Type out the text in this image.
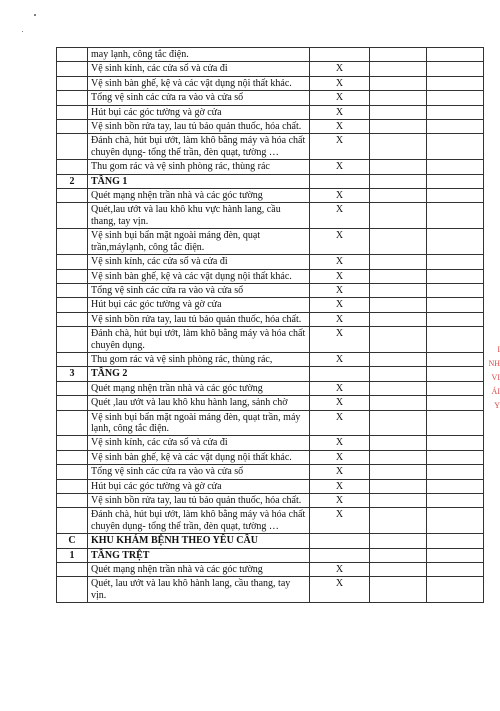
	may lạnh, công tắc điện.			
	Vệ sinh kính, các cửa sổ và cửa đi	X		
	Vệ sinh bàn ghế, kệ và các vật dụng nội thất khác.	X		
	Tổng vệ sinh các cửa ra vào và cửa sổ	X		
	Hút bụi các góc tường và gờ cửa	X		
	Vệ sinh bồn rửa tay, lau tủ bảo quản thuốc, hóa chất.	X		
	Đánh chà, hút bụi ướt, làm khô bằng máy và hóa chất chuyên dụng- tổng thể trần, đèn quạt, tường …	X		
	Thu gom rác và vệ sinh phòng rác, thùng rác	X		
2	TẦNG 1			
	Quét mạng nhện trần nhà và các góc tường	X		
	Quét,lau ướt và lau khô khu vực hành lang, cầu thang, tay vịn.	X		
	Vệ sinh bụi bẩn mặt ngoài máng đèn, quạt trần,máylạnh, công tắc điện.	X		
	Vệ sinh kính, các cửa sổ và cửa đi	X		
	Vệ sinh bàn ghế, kệ và các vật dụng nội thất khác.	X		
	Tổng vệ sinh các cửa ra vào và cửa sổ	X		
	Hút bụi các góc tường và gờ cửa	X		
	Vệ sinh bồn rửa tay, lau tủ bảo quản thuốc, hóa chất.	X		
	Đánh chà, hút bụi ướt, làm khô bằng máy và hóa chất chuyên dụng.	X		
	Thu gom rác và vệ sinh phòng rác, thùng rác,	X		
3	TẦNG 2			
	Quét mạng nhện trần nhà và các góc tường	X		
	Quét ,lau ướt và lau khô khu hành lang, sảnh chờ	X		
	Vệ sinh bụi bẩn mặt ngoài máng đèn, quạt trần, máy lạnh, công tắc điện.	X		
	Vệ sinh kính, các cửa sổ và cửa đi	X		
	Vệ sinh bàn ghế, kệ và các vật dụng nội thất khác.	X		
	Tổng vệ sinh các cửa ra vào và cửa sổ	X		
	Hút bụi các góc tường và gờ cửa	X		
	Vệ sinh bồn rửa tay, lau tủ bảo quản thuốc, hóa chất.	X		
	Đánh chà, hút bụi ướt, làm khô bằng máy và hóa chất chuyên dụng- tổng thể trần, đèn quạt, tường …	X		
C	KHU KHÁM BỆNH THEO YÊU CẦU			
1	TẦNG TRỆT			
	Quét mạng nhện trần nhà và các góc tường	X		
	Quét, lau ướt và lau khô hành lang, cầu thang, tay vịn.	X		
I
NH
VI
ÁI
Y
